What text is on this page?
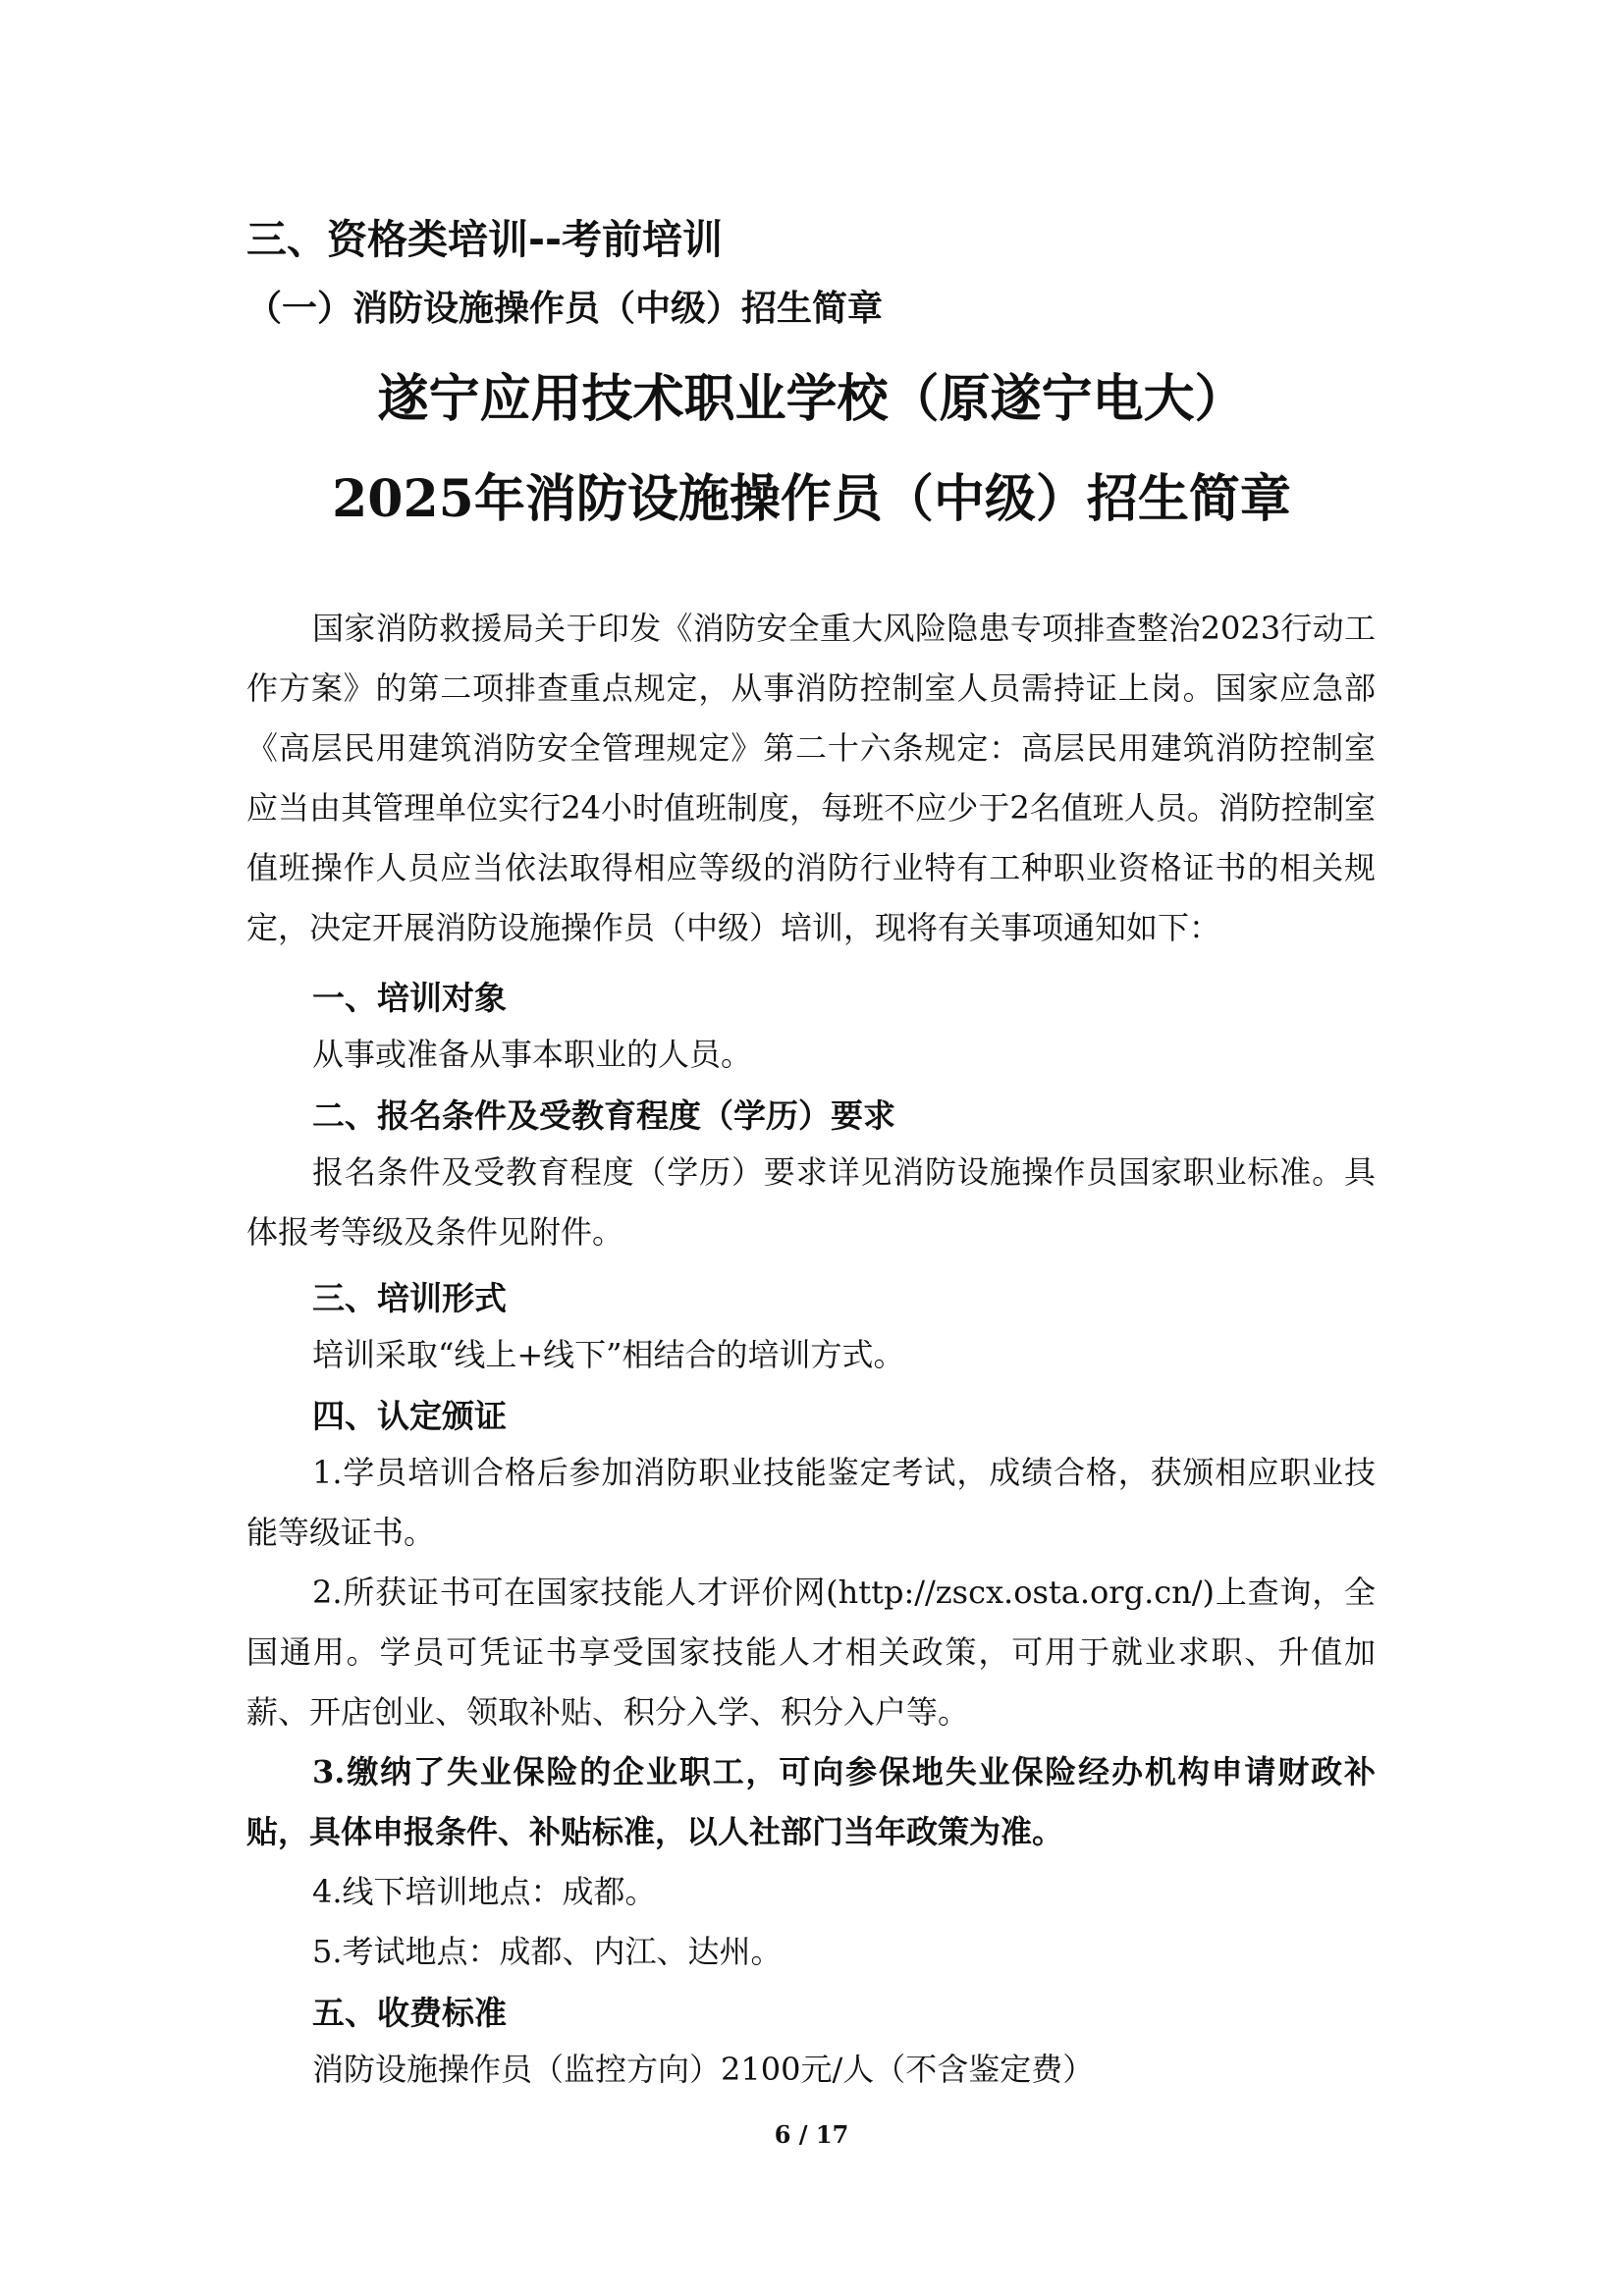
三、资格类培训--考前培训
（一）消防设施操作员（中级）招生简章
遂宁应用技术职业学校（原遂宁电大）
2025年消防设施操作员（中级）招生简章

国家消防救援局关于印发《消防安全重大风险隐患专项排查整治2023行动工作方案》的第二项排查重点规定，从事消防控制室人员需持证上岗。国家应急部《高层民用建筑消防安全管理规定》第二十六条规定：高层民用建筑消防控制室应当由其管理单位实行24小时值班制度，每班不应少于2名值班人员。消防控制室值班操作人员应当依法取得相应等级的消防行业特有工种职业资格证书的相关规定，决定开展消防设施操作员（中级）培训，现将有关事项通知如下：

一、培训对象

从事或准备从事本职业的人员。

二、报名条件及受教育程度（学历）要求

报名条件及受教育程度（学历）要求详见消防设施操作员国家职业标准。具体报考等级及条件见附件。

三、培训形式

培训采取“线上+线下”相结合的培训方式。

四、认定颁证

1.学员培训合格后参加消防职业技能鉴定考试，成绩合格，获颁相应职业技能等级证书。

2.所获证书可在国家技能人才评价网(http://zscx.osta.org.cn/)上查询，全国通用。学员可凭证书享受国家技能人才相关政策，可用于就业求职、升值加薪、开店创业、领取补贴、积分入学、积分入户等。

3.缴纳了失业保险的企业职工，可向参保地失业保险经办机构申请财政补贴，具体申报条件、补贴标准，以人社部门当年政策为准。

4.线下培训地点：成都。

5.考试地点：成都、内江、达州。

五、收费标准

消防设施操作员（监控方向）2100元/人（不含鉴定费）

6 / 17
